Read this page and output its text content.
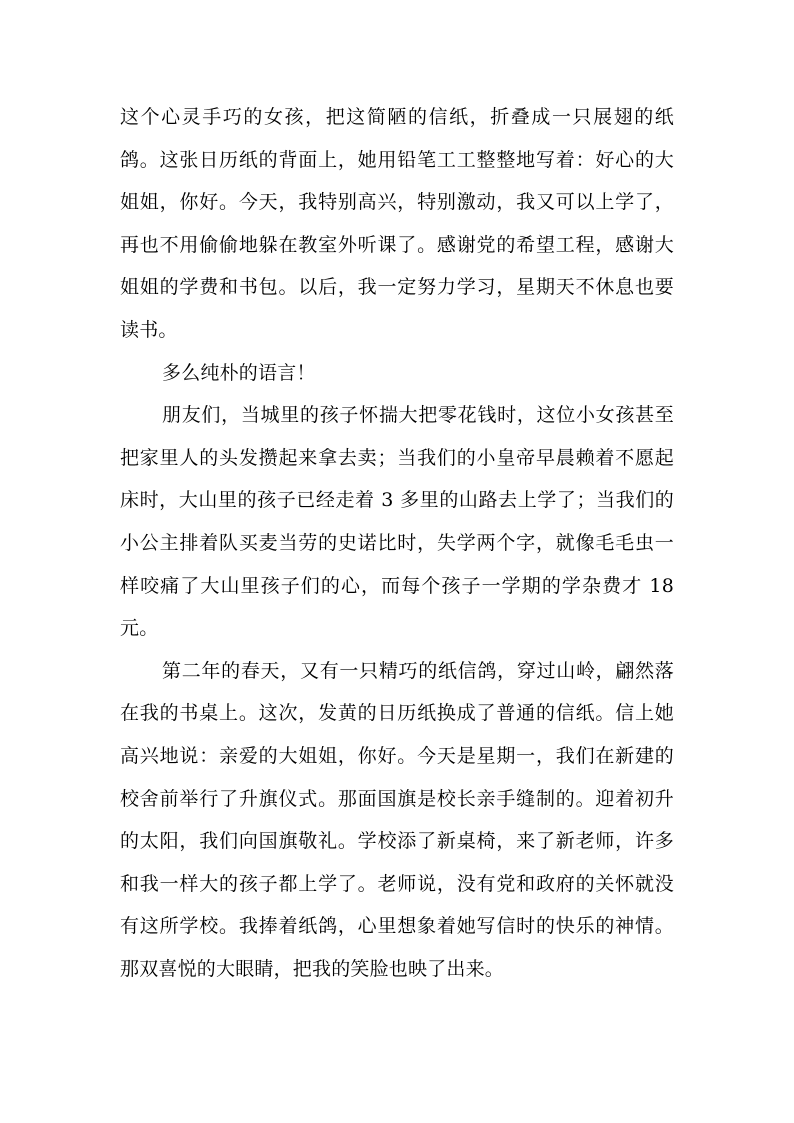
这个心灵手巧的女孩，把这简陋的信纸，折叠成一只展翅的纸鸽。这张日历纸的背面上，她用铅笔工工整整地写着：好心的大姐姐，你好。今天，我特别高兴，特别激动，我又可以上学了，再也不用偷偷地躲在教室外听课了。感谢党的希望工程，感谢大姐姐的学费和书包。以后，我一定努力学习，星期天不休息也要读书。

多么纯朴的语言！

朋友们，当城里的孩子怀揣大把零花钱时，这位小女孩甚至把家里人的头发攒起来拿去卖；当我们的小皇帝早晨赖着不愿起床时，大山里的孩子已经走着 3 多里的山路去上学了；当我们的小公主排着队买麦当劳的史诺比时，失学两个字，就像毛毛虫一样咬痛了大山里孩子们的心，而每个孩子一学期的学杂费才 18 元。

第二年的春天，又有一只精巧的纸信鸽，穿过山岭，翩然落在我的书桌上。这次，发黄的日历纸换成了普通的信纸。信上她高兴地说：亲爱的大姐姐，你好。今天是星期一，我们在新建的校舍前举行了升旗仪式。那面国旗是校长亲手缝制的。迎着初升的太阳，我们向国旗敬礼。学校添了新桌椅，来了新老师，许多和我一样大的孩子都上学了。老师说，没有党和政府的关怀就没有这所学校。我捧着纸鸽，心里想象着她写信时的快乐的神情。那双喜悦的大眼睛，把我的笑脸也映了出来。
